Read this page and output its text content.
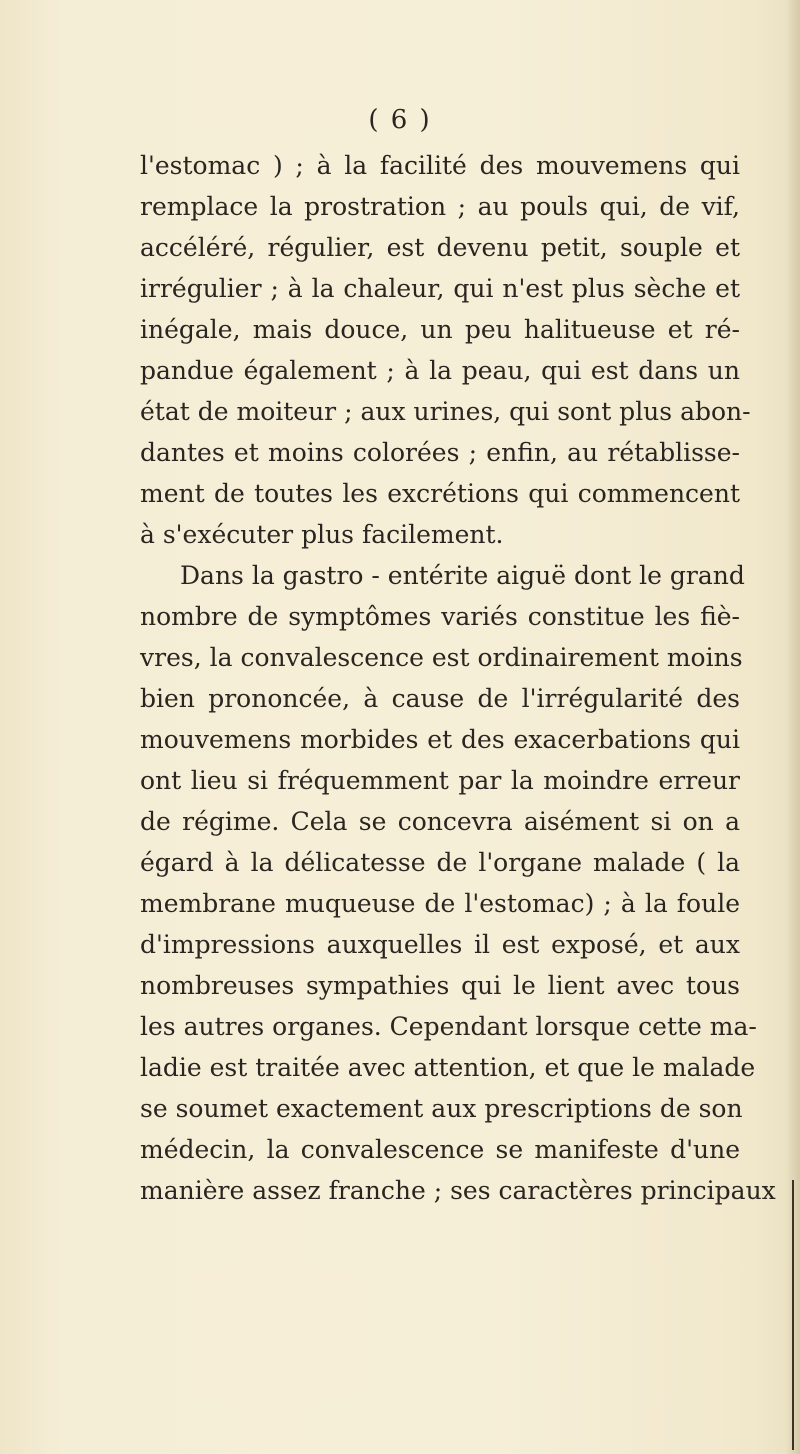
( 6 )
l'estomac ) ; à la facilité des mouvemens qui
remplace la prostration ; au pouls qui, de vif,
accéléré, régulier, est devenu petit, souple et
irrégulier ; à la chaleur, qui n'est plus sèche et
inégale, mais douce, un peu halitueuse et ré-
pandue également ; à la peau, qui est dans un
état de moiteur ; aux urines, qui sont plus abon-
dantes et moins colorées ; enfin, au rétablisse-
ment de toutes les excrétions qui commencent
à s'exécuter plus facilement.
Dans la gastro - entérite aiguë dont le grand
nombre de symptômes variés constitue les fiè-
vres, la convalescence est ordinairement moins
bien prononcée, à cause de l'irrégularité des
mouvemens morbides et des exacerbations qui
ont lieu si fréquemment par la moindre erreur
de régime. Cela se concevra aisément si on a
égard à la délicatesse de l'organe malade ( la
membrane muqueuse de l'estomac) ; à la foule
d'impressions auxquelles il est exposé, et aux
nombreuses sympathies qui le lient avec tous
les autres organes. Cependant lorsque cette ma-
ladie est traitée avec attention, et que le malade
se soumet exactement aux prescriptions de son
médecin, la convalescence se manifeste d'une
manière assez franche ; ses caractères principaux
